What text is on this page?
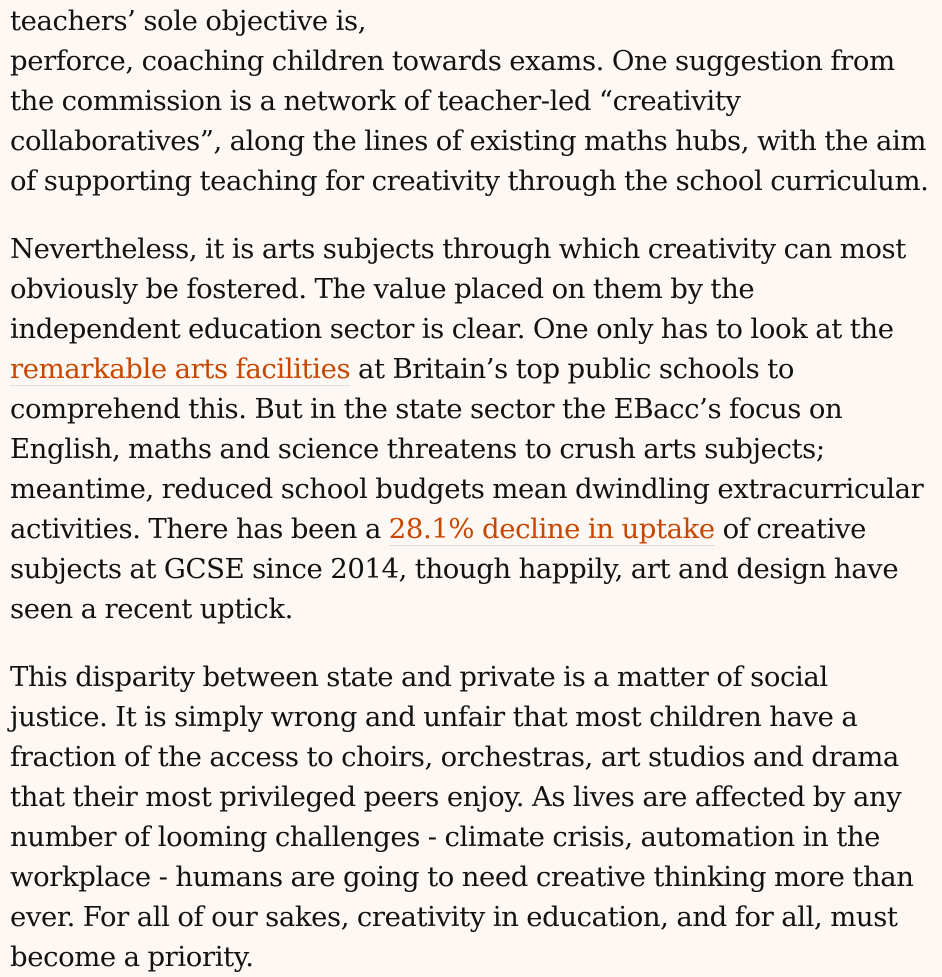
teachers’ sole objective is,
perforce, coaching children towards exams. One suggestion from the commission is a network of teacher-led “creativity collaboratives”, along the lines of existing maths hubs, with the aim of supporting teaching for creativity through the school curriculum.

Nevertheless, it is arts subjects through which creativity can most obviously be fostered. The value placed on them by the independent education sector is clear. One only has to look at the remarkable arts facilities at Britain’s top public schools to comprehend this. But in the state sector the EBacc’s focus on English, maths and science threatens to crush arts subjects; meantime, reduced school budgets mean dwindling extracurricular activities. There has been a 28.1% decline in uptake of creative subjects at GCSE since 2014, though happily, art and design have seen a recent uptick.

This disparity between state and private is a matter of social justice. It is simply wrong and unfair that most children have a fraction of the access to choirs, orchestras, art studios and drama that their most privileged peers enjoy. As lives are affected by any number of looming challenges - climate crisis, automation in the workplace - humans are going to need creative thinking more than ever. For all of our sakes, creativity in education, and for all, must become a priority.
